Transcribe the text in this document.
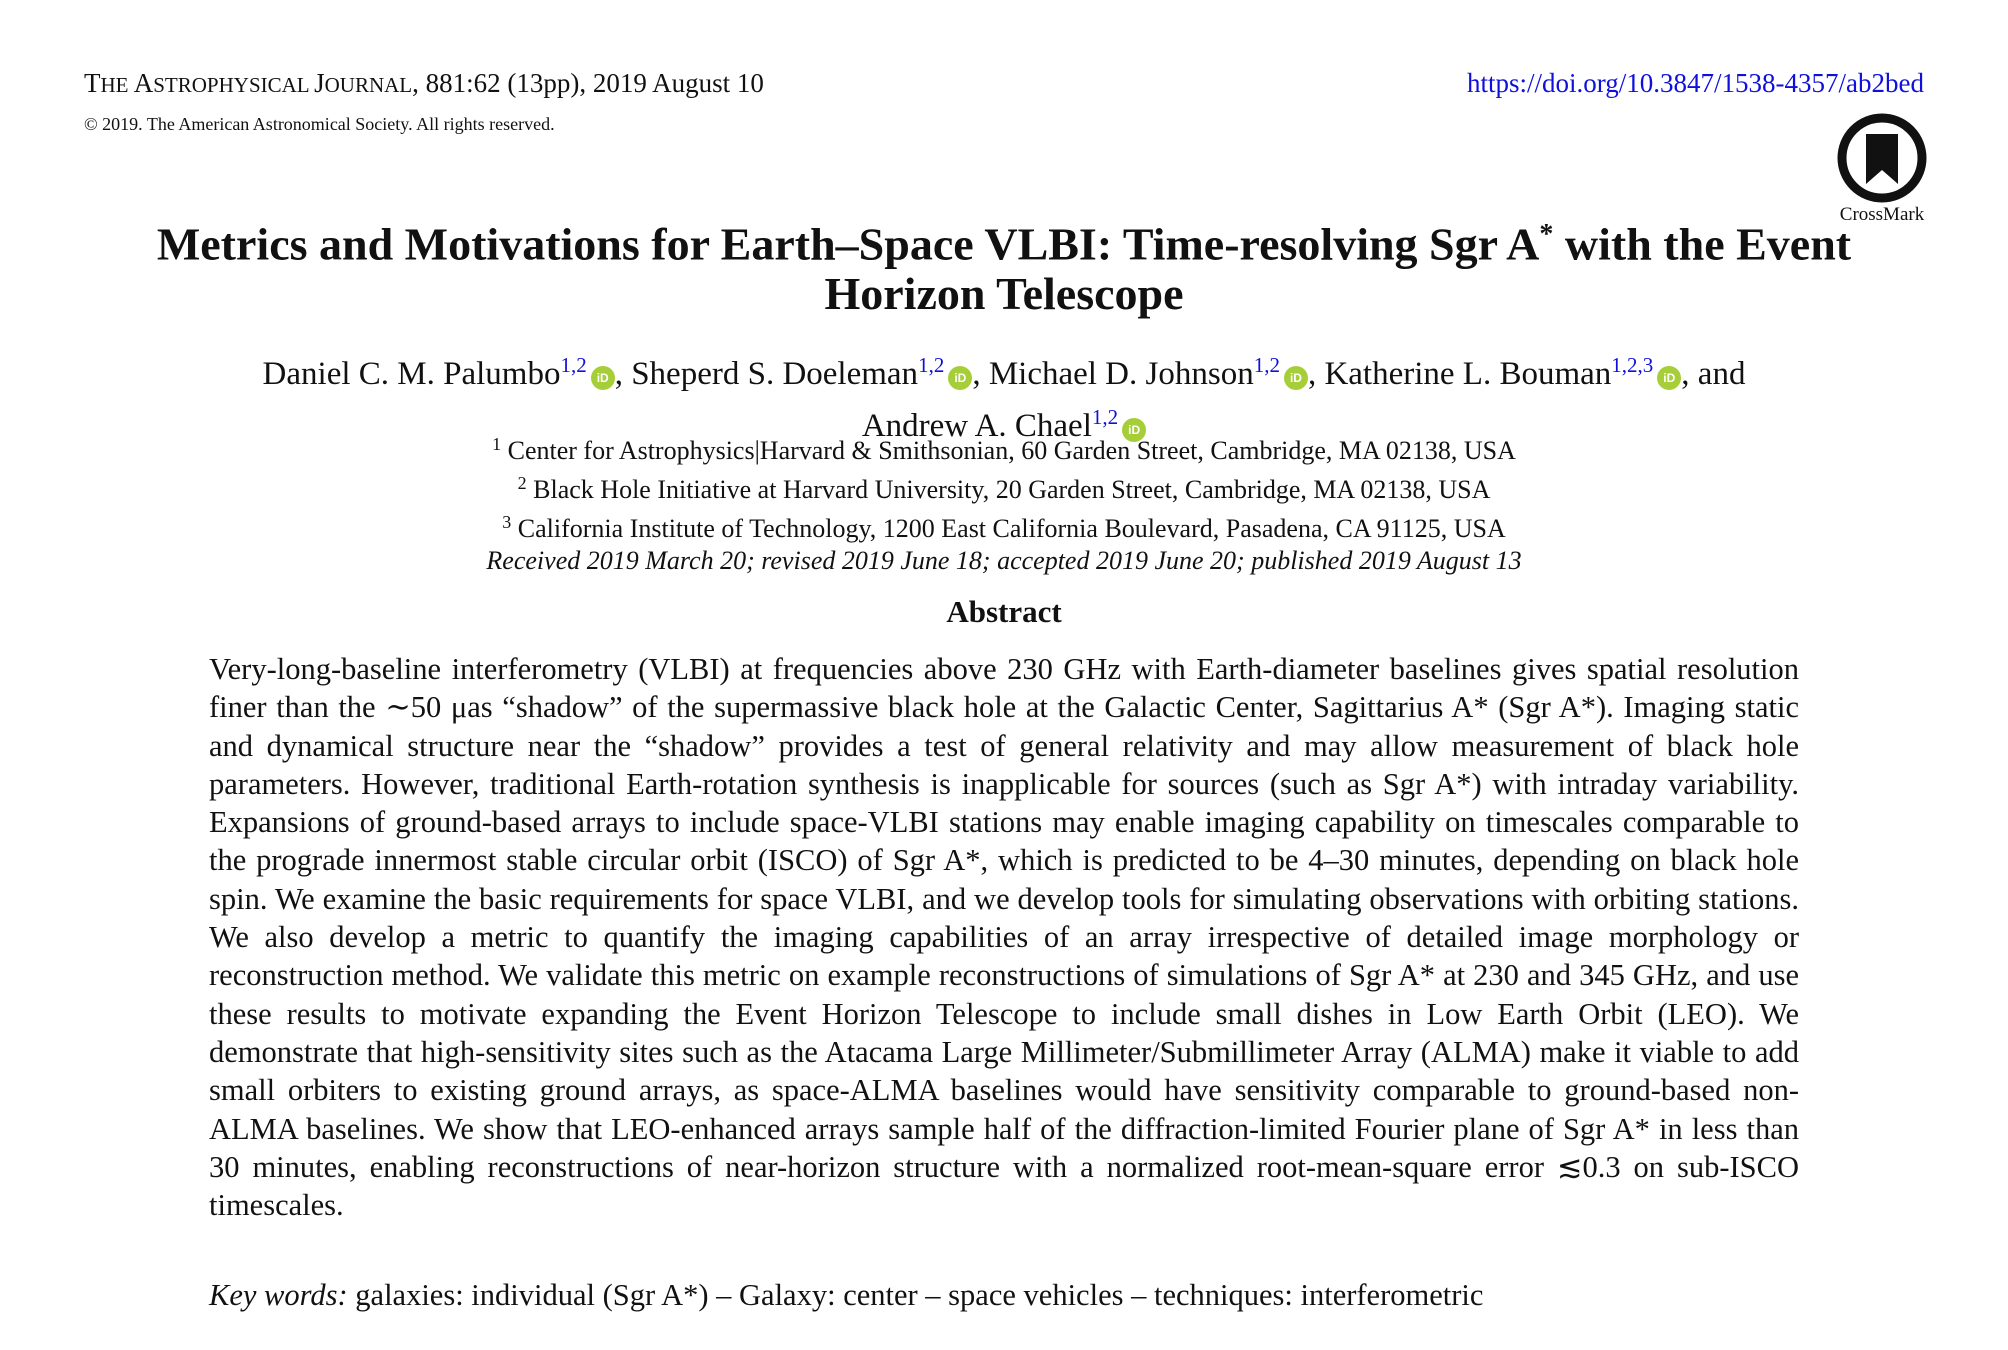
THE ASTROPHYSICAL JOURNAL, 881:62 (13pp), 2019 August 10
© 2019. The American Astronomical Society. All rights reserved.
https://doi.org/10.3847/1538-4357/ab2bed
CrossMark
Metrics and Motivations for Earth–Space VLBI: Time-resolving Sgr A* with the Event Horizon Telescope
Daniel C. M. Palumbo$^{1,2}$iD , Sheperd S. Doeleman$^{1,2}$iD , Michael D. Johnson$^{1,2}$iD , Katherine L. Bouman$^{1,2,3}$iD , and
Andrew A. Chael$^{1,2}$iD
$^1$ Center for Astrophysics|Harvard & Smithsonian, 60 Garden Street, Cambridge, MA 02138, USA
$^2$ Black Hole Initiative at Harvard University, 20 Garden Street, Cambridge, MA 02138, USA
$^3$ California Institute of Technology, 1200 East California Boulevard, Pasadena, CA 91125, USA
Received 2019 March 20; revised 2019 June 18; accepted 2019 June 20; published 2019 August 13
Abstract

Very-long-baseline interferometry (VLBI) at frequencies above 230 GHz with Earth-diameter baselines gives spatial resolution finer than the ∼50 μas “shadow” of the supermassive black hole at the Galactic Center, Sagittarius A* (Sgr A*). Imaging static and dynamical structure near the “shadow” provides a test of general relativity and may allow measurement of black hole parameters. However, traditional Earth-rotation synthesis is inapplicable for sources (such as Sgr A*) with intraday variability. Expansions of ground-based arrays to include space-VLBI stations may enable imaging capability on timescales comparable to the prograde innermost stable circular orbit (ISCO) of Sgr A*, which is predicted to be 4–30 minutes, depending on black hole spin. We examine the basic requirements for space VLBI, and we develop tools for simulating observations with orbiting stations. We also develop a metric to quantify the imaging capabilities of an array irrespective of detailed image morphology or reconstruction method. We validate this metric on example reconstructions of simulations of Sgr A* at 230 and 345 GHz, and use these results to motivate expanding the Event Horizon Telescope to include small dishes in Low Earth Orbit (LEO). We demonstrate that high-sensitivity sites such as the Atacama Large Millimeter/Submillimeter Array (ALMA) make it viable to add small orbiters to existing ground arrays, as space-ALMA baselines would have sensitivity comparable to ground-based non-ALMA baselines. We show that LEO-enhanced arrays sample half of the diffraction-limited Fourier plane of Sgr A* in less than 30 minutes, enabling reconstructions of near-horizon structure with a normalized root-mean-square error ≲0.3 on sub-ISCO timescales.

Key words: galaxies: individual (Sgr A*) – Galaxy: center – space vehicles – techniques: interferometric
